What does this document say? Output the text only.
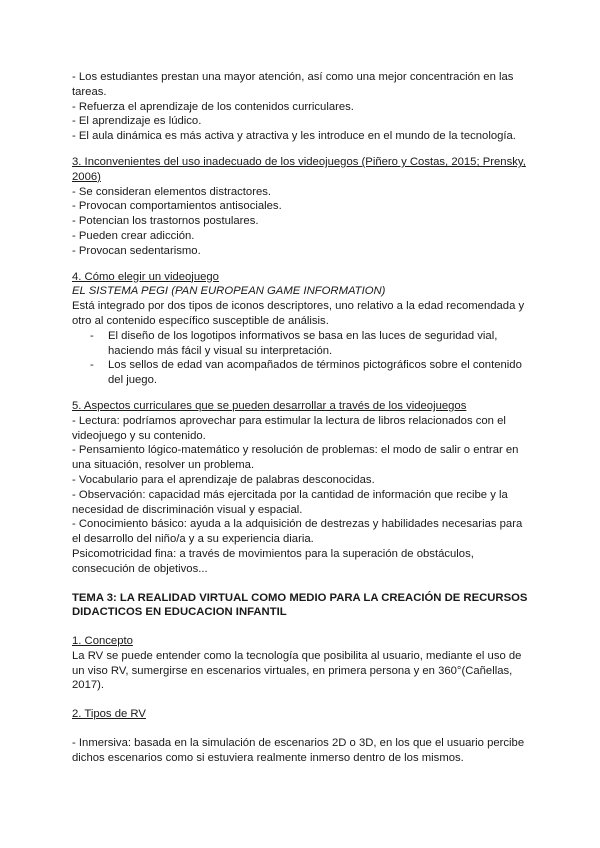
- Los estudiantes prestan una mayor atención, así como una mejor concentración en las tareas.
- Refuerza el aprendizaje de los contenidos curriculares.
- El aprendizaje es lúdico.
- El aula dinámica es más activa y atractiva y les introduce en el mundo de la tecnología.
3. Inconvenientes del uso inadecuado de los videojuegos (Piñero y Costas, 2015; Prensky, 2006)
- Se consideran elementos distractores.
- Provocan comportamientos antisociales.
- Potencian los trastornos postulares.
- Pueden crear adicción.
- Provocan sedentarismo.
4. Cómo elegir un videojuego
EL SISTEMA PEGI (PAN EUROPEAN GAME INFORMATION)
Está integrado por dos tipos de iconos descriptores, uno relativo a la edad recomendada y otro al contenido específico susceptible de análisis.
-	El diseño de los logotipos informativos se basa en las luces de seguridad vial, haciendo más fácil y visual su interpretación.
-	Los sellos de edad van acompañados de términos pictográficos sobre el contenido del juego.
5. Aspectos curriculares que se pueden desarrollar a través de los videojuegos
- Lectura: podríamos aprovechar para estimular la lectura de libros relacionados con el videojuego y su contenido.
- Pensamiento lógico-matemático y resolución de problemas: el modo de salir o entrar en una situación, resolver un problema.
- Vocabulario para el aprendizaje de palabras desconocidas.
- Observación: capacidad más ejercitada por la cantidad de información que recibe y la necesidad de discriminación visual y espacial.
- Conocimiento básico: ayuda a la adquisición de destrezas y habilidades necesarias para el desarrollo del niño/a y a su experiencia diaria.
Psicomotricidad fina: a través de movimientos para la superación de obstáculos, consecución de objetivos...
TEMA 3: LA REALIDAD VIRTUAL COMO MEDIO PARA LA CREACIÓN DE RECURSOS DIDACTICOS EN EDUCACION INFANTIL
1. Concepto
La RV se puede entender como la tecnología que posibilita al usuario, mediante el uso de un viso RV, sumergirse en escenarios virtuales, en primera persona y en 360°(Cañellas, 2017).
2. Tipos de RV
- Inmersiva: basada en la simulación de escenarios 2D o 3D, en los que el usuario percibe dichos escenarios como si estuviera realmente inmerso dentro de los mismos.
